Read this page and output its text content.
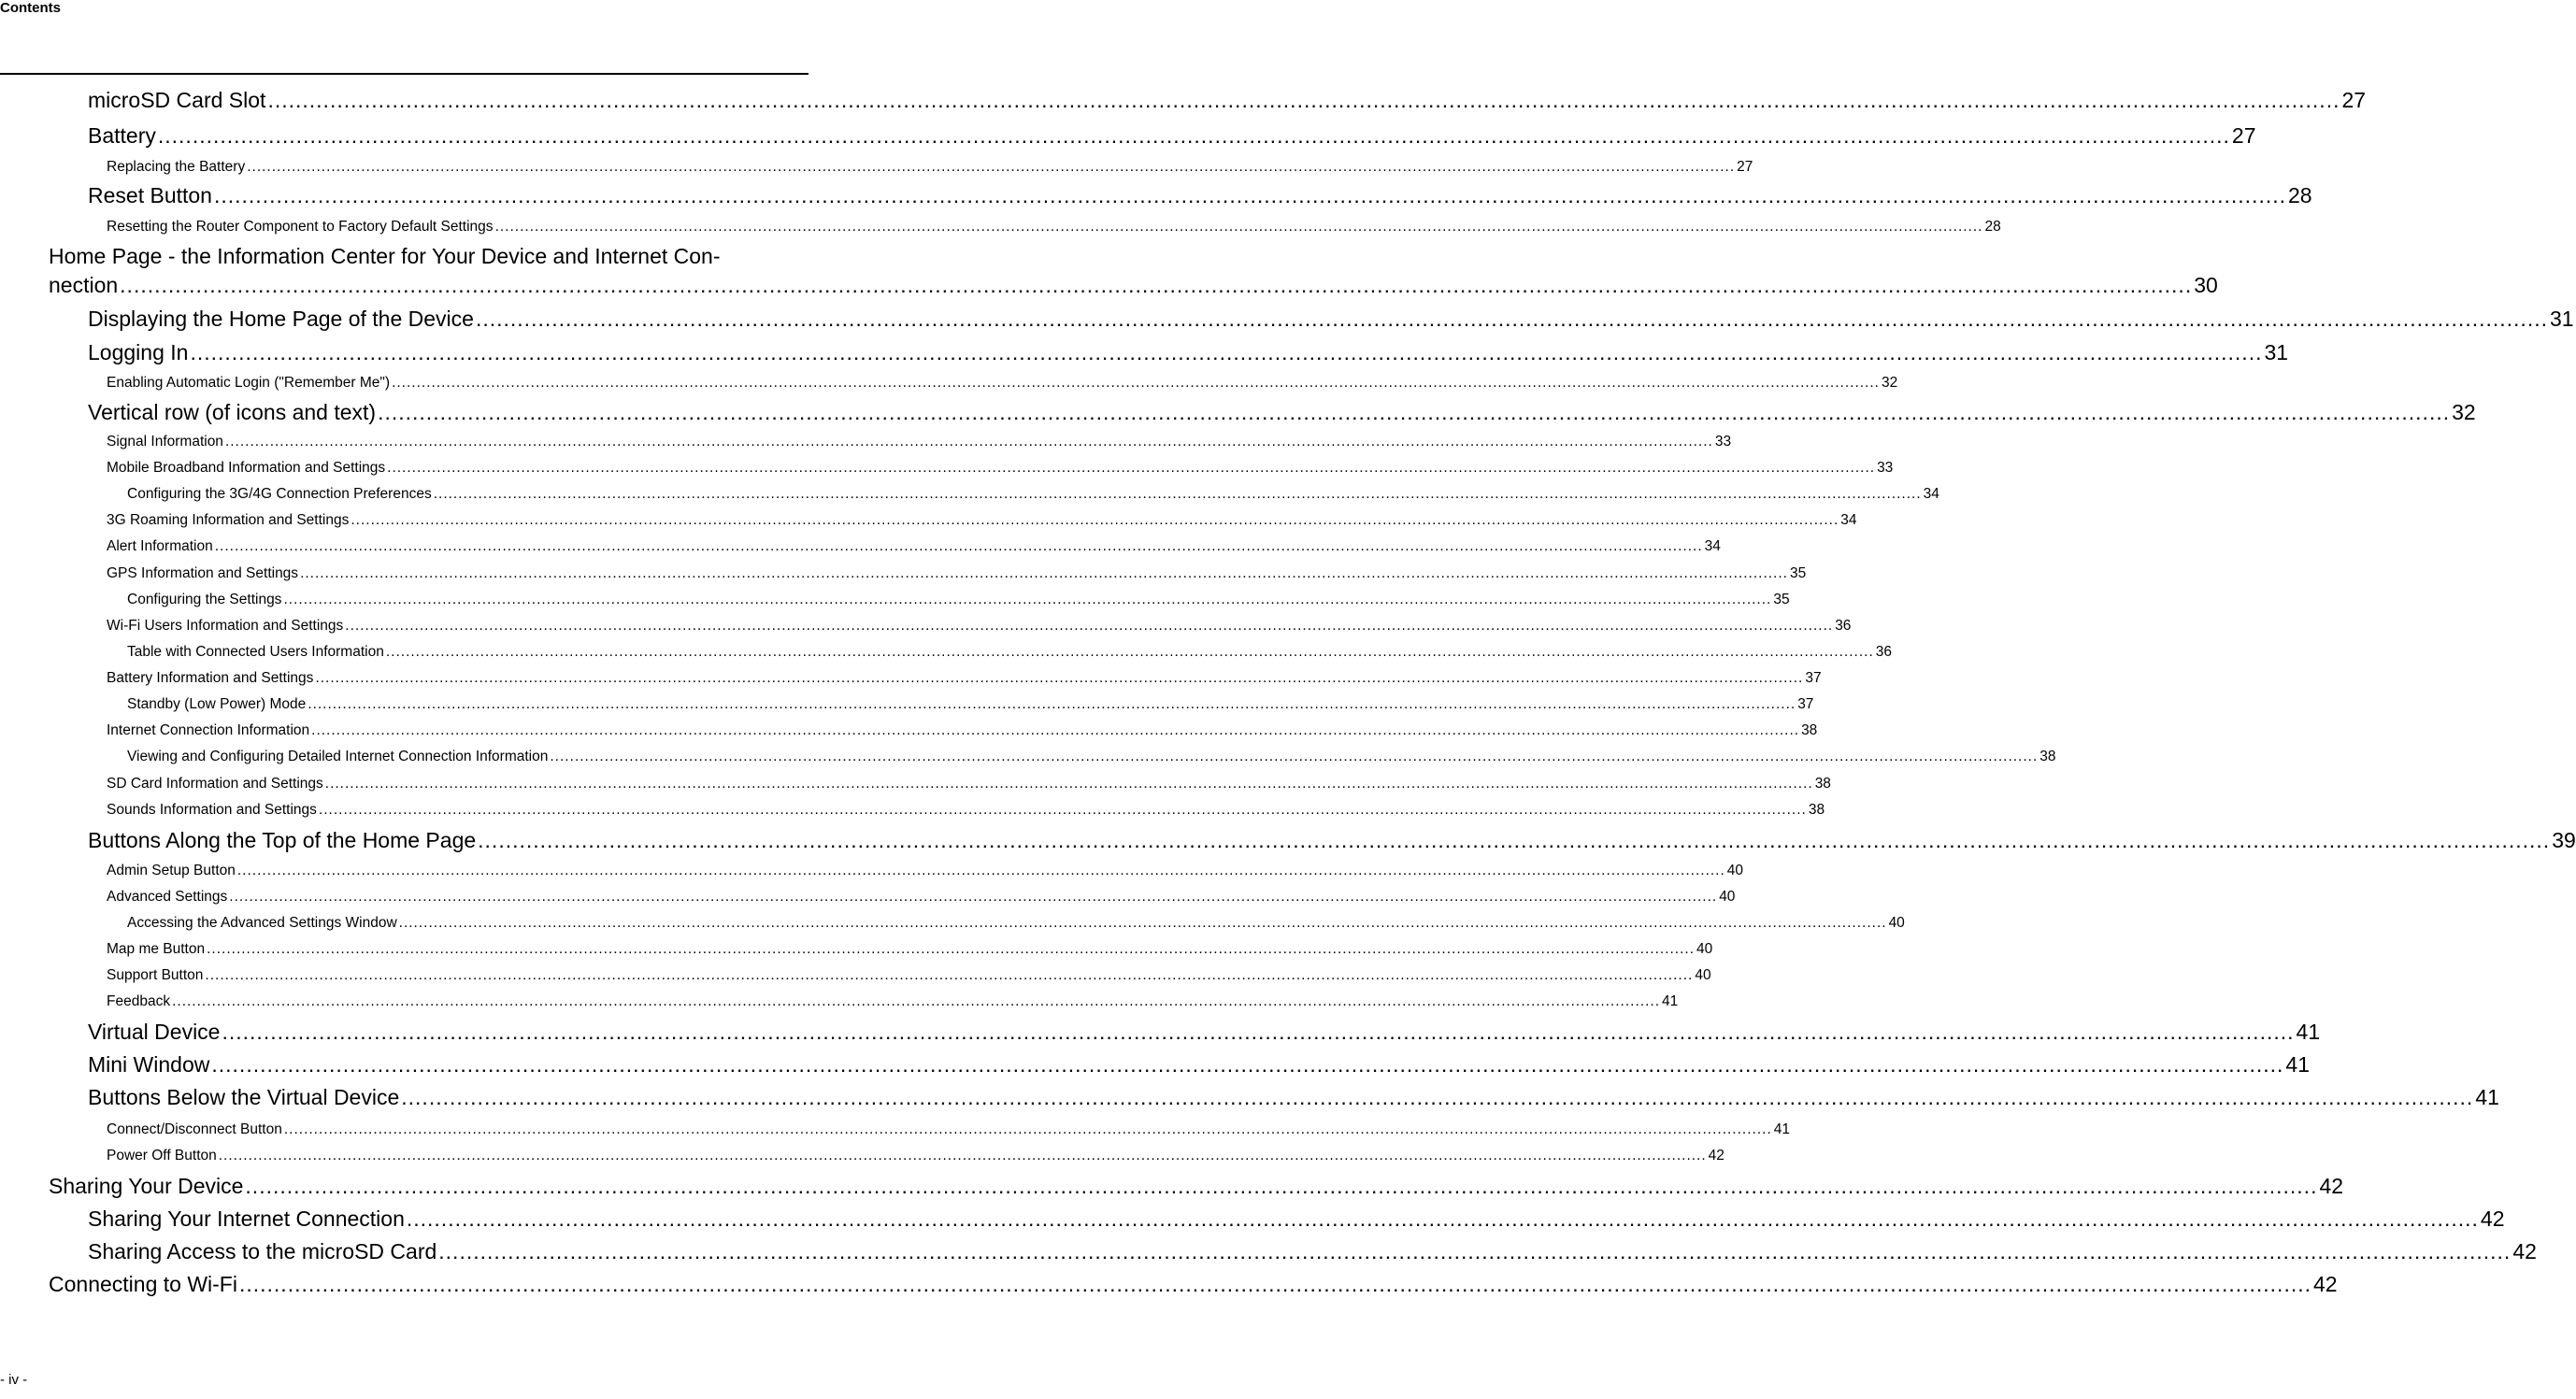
Contents
microSD Card Slot ............................................................................................................................................................................................................................................................................................................ 27
Battery ............................................................................................................................................................................................................................................................................................................ 27
Replacing the Battery ............................................................................................................................................................................................................................................................................................................ 27
Reset Button ............................................................................................................................................................................................................................................................................................................ 28
Resetting the Router Component to Factory Default Settings ............................................................................................................................................................................................................................................................................................................ 28
Home Page - the Information Center for Your Device and Internet Con-
nection ............................................................................................................................................................................................................................................................................................................ 30
Displaying the Home Page of the Device ............................................................................................................................................................................................................................................................................................................ 31
Logging In ............................................................................................................................................................................................................................................................................................................ 31
Enabling Automatic Login ("Remember Me") ............................................................................................................................................................................................................................................................................................................ 32
Vertical row (of icons and text) ............................................................................................................................................................................................................................................................................................................ 32
Signal Information ............................................................................................................................................................................................................................................................................................................ 33
Mobile Broadband Information and Settings ............................................................................................................................................................................................................................................................................................................ 33
Configuring the 3G/4G Connection Preferences ............................................................................................................................................................................................................................................................................................................ 34
3G Roaming Information and Settings ............................................................................................................................................................................................................................................................................................................ 34
Alert Information ............................................................................................................................................................................................................................................................................................................ 34
GPS Information and Settings ............................................................................................................................................................................................................................................................................................................ 35
Configuring the Settings ............................................................................................................................................................................................................................................................................................................ 35
Wi-Fi Users Information and Settings ............................................................................................................................................................................................................................................................................................................ 36
Table with Connected Users Information ............................................................................................................................................................................................................................................................................................................ 36
Battery Information and Settings ............................................................................................................................................................................................................................................................................................................ 37
Standby (Low Power) Mode ............................................................................................................................................................................................................................................................................................................ 37
Internet Connection Information ............................................................................................................................................................................................................................................................................................................ 38
Viewing and Configuring Detailed Internet Connection Information ............................................................................................................................................................................................................................................................................................................ 38
SD Card Information and Settings ............................................................................................................................................................................................................................................................................................................ 38
Sounds Information and Settings ............................................................................................................................................................................................................................................................................................................ 38
Buttons Along the Top of the Home Page ............................................................................................................................................................................................................................................................................................................ 39
Admin Setup Button ............................................................................................................................................................................................................................................................................................................ 40
Advanced Settings ............................................................................................................................................................................................................................................................................................................ 40
Accessing the Advanced Settings Window ............................................................................................................................................................................................................................................................................................................ 40
Map me Button ............................................................................................................................................................................................................................................................................................................ 40
Support Button ............................................................................................................................................................................................................................................................................................................ 40
Feedback ............................................................................................................................................................................................................................................................................................................ 41
Virtual Device ............................................................................................................................................................................................................................................................................................................ 41
Mini Window ............................................................................................................................................................................................................................................................................................................ 41
Buttons Below the Virtual Device ............................................................................................................................................................................................................................................................................................................ 41
Connect/Disconnect Button ............................................................................................................................................................................................................................................................................................................ 41
Power Off Button ............................................................................................................................................................................................................................................................................................................ 42
Sharing Your Device ............................................................................................................................................................................................................................................................................................................ 42
Sharing Your Internet Connection ............................................................................................................................................................................................................................................................................................................ 42
Sharing Access to the microSD Card ............................................................................................................................................................................................................................................................................................................ 42
Connecting to Wi-Fi ............................................................................................................................................................................................................................................................................................................ 42
- iv -
